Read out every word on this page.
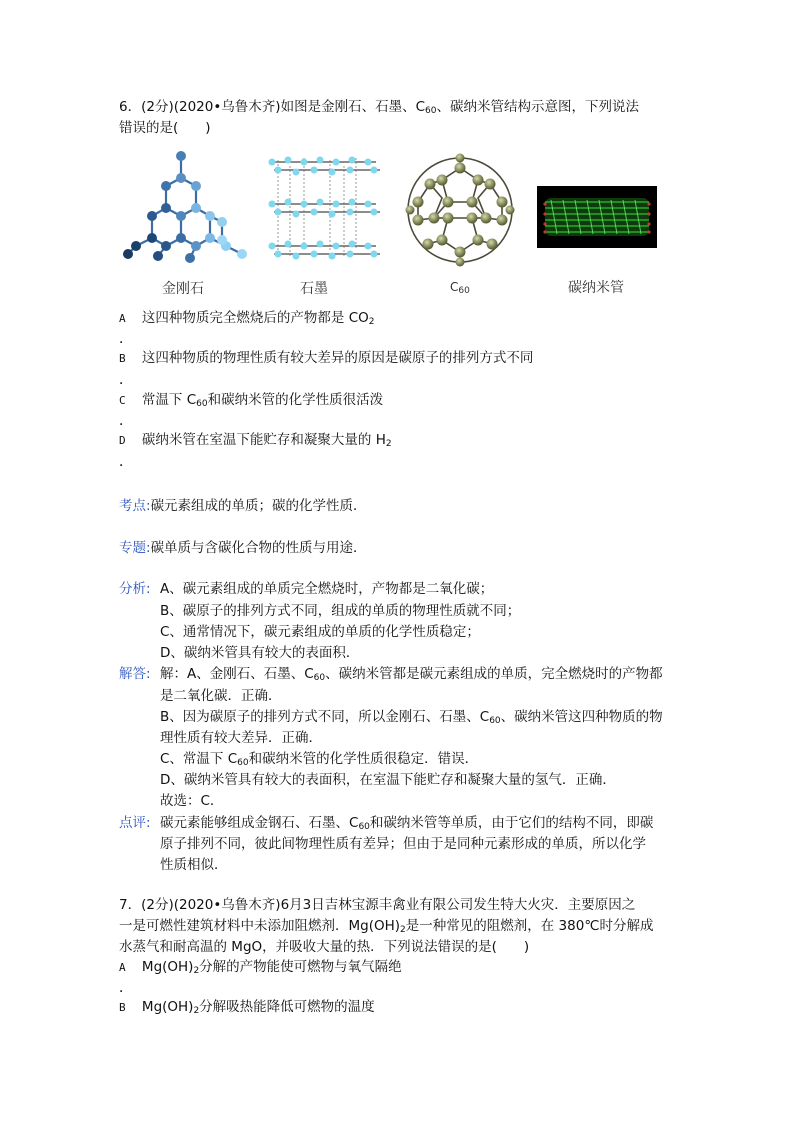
6．(2分)(2020•乌鲁木齐)如图是金刚石、石墨、$C_{60}$、碳纳米管结构示意图，下列说法
错误的是(　　)
金刚石	石墨	$C_{60}$	碳纳米管
A 这四种物质完全燃烧后的产物都是 $CO_2$
．
B 这四种物质的物理性质有较大差异的原因是碳原子的排列方式不同
．
C 常温下 $C_{60}$和碳纳米管的化学性质很活泼
．
D 碳纳米管在室温下能贮存和凝聚大量的 $H_2$
．
考点:碳元素组成的单质；碳的化学性质．
专题:碳单质与含碳化合物的性质与用途．
分析: A、碳元素组成的单质完全燃烧时，产物都是二氧化碳；
B、碳原子的排列方式不同，组成的单质的物理性质就不同；
C、通常情况下，碳元素组成的单质的化学性质稳定；
D、碳纳米管具有较大的表面积．
解答: 解：A、金刚石、石墨、$C_{60}$、碳纳米管都是碳元素组成的单质，完全燃烧时的产物都
是二氧化碳．正确．
B、因为碳原子的排列方式不同，所以金刚石、石墨、$C_{60}$、碳纳米管这四种物质的物
理性质有较大差异．正确．
C、常温下 $C_{60}$和碳纳米管的化学性质很稳定．错误．
D、碳纳米管具有较大的表面积，在室温下能贮存和凝聚大量的氢气．正确．
故选：C．
点评: 碳元素能够组成金钢石、石墨、$C_{60}$和碳纳米管等单质，由于它们的结构不同，即碳
原子排列不同，彼此间物理性质有差异；但由于是同种元素形成的单质，所以化学
性质相似．
7．(2分)(2020•乌鲁木齐)6月3日吉林宝源丰禽业有限公司发生特大火灾．主要原因之
一是可燃性建筑材料中未添加阻燃剂．$Mg(OH)_2$是一种常见的阻燃剂，在 380℃时分解成
水蒸气和耐高温的 MgO，并吸收大量的热．下列说法错误的是(　　)
A $Mg(OH)_2$分解的产物能使可燃物与氧气隔绝
．
B $Mg(OH)_2$分解吸热能降低可燃物的温度
